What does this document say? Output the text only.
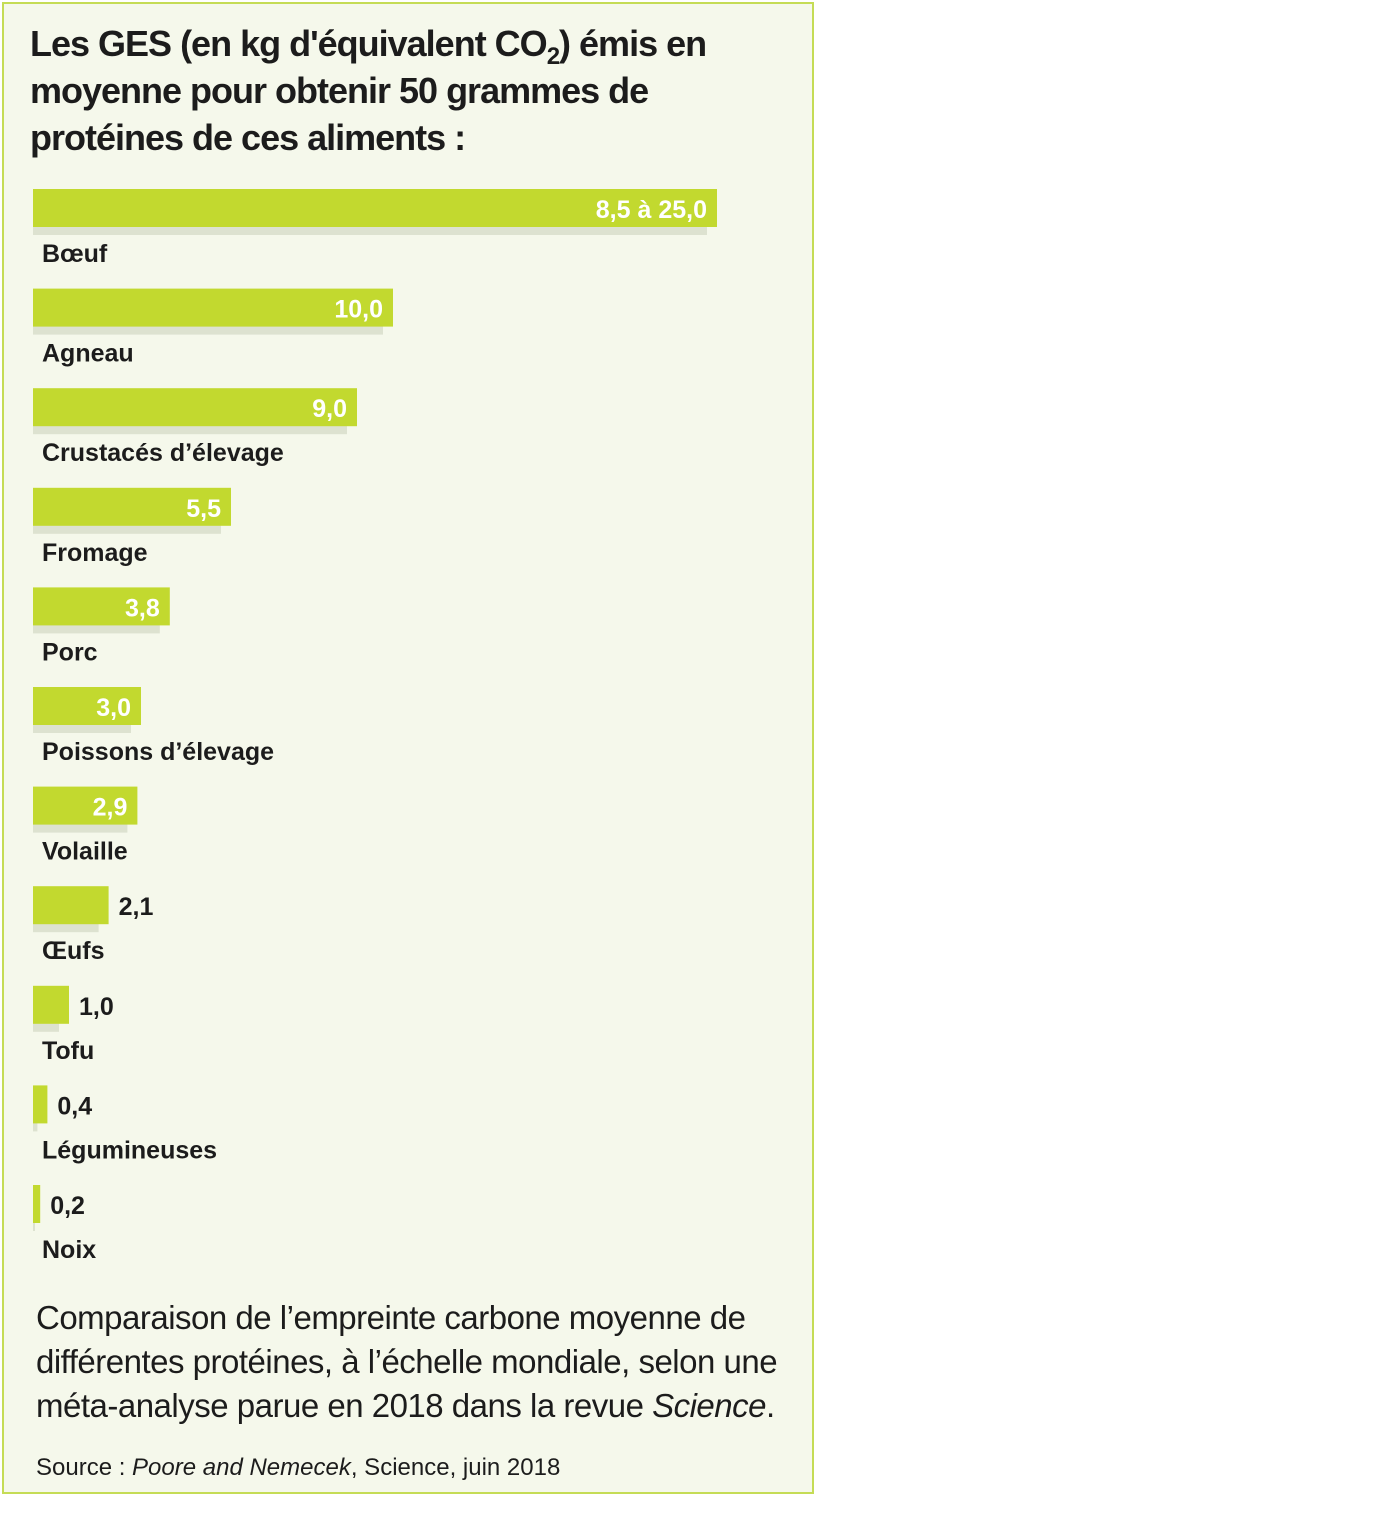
Les GES (en kg d'équivalent $CO_2$) émis en moyenne pour obtenir 50 grammes de protéines de ces aliments :
8,5 à 25,0
Bœuf
10,0
Agneau
9,0
Crustacés d’élevage
5,5
Fromage
3,8
Porc
3,0
Poissons d’élevage
2,9
Volaille
2,1
Œufs
1,0
Tofu
0,4
Légumineuses
0,2
Noix
Comparaison de l’empreinte carbone moyenne de différentes protéines, à l’échelle mondiale, selon une méta-analyse parue en 2018 dans la revue Science.
Source : Poore and Nemecek, Science, juin 2018
